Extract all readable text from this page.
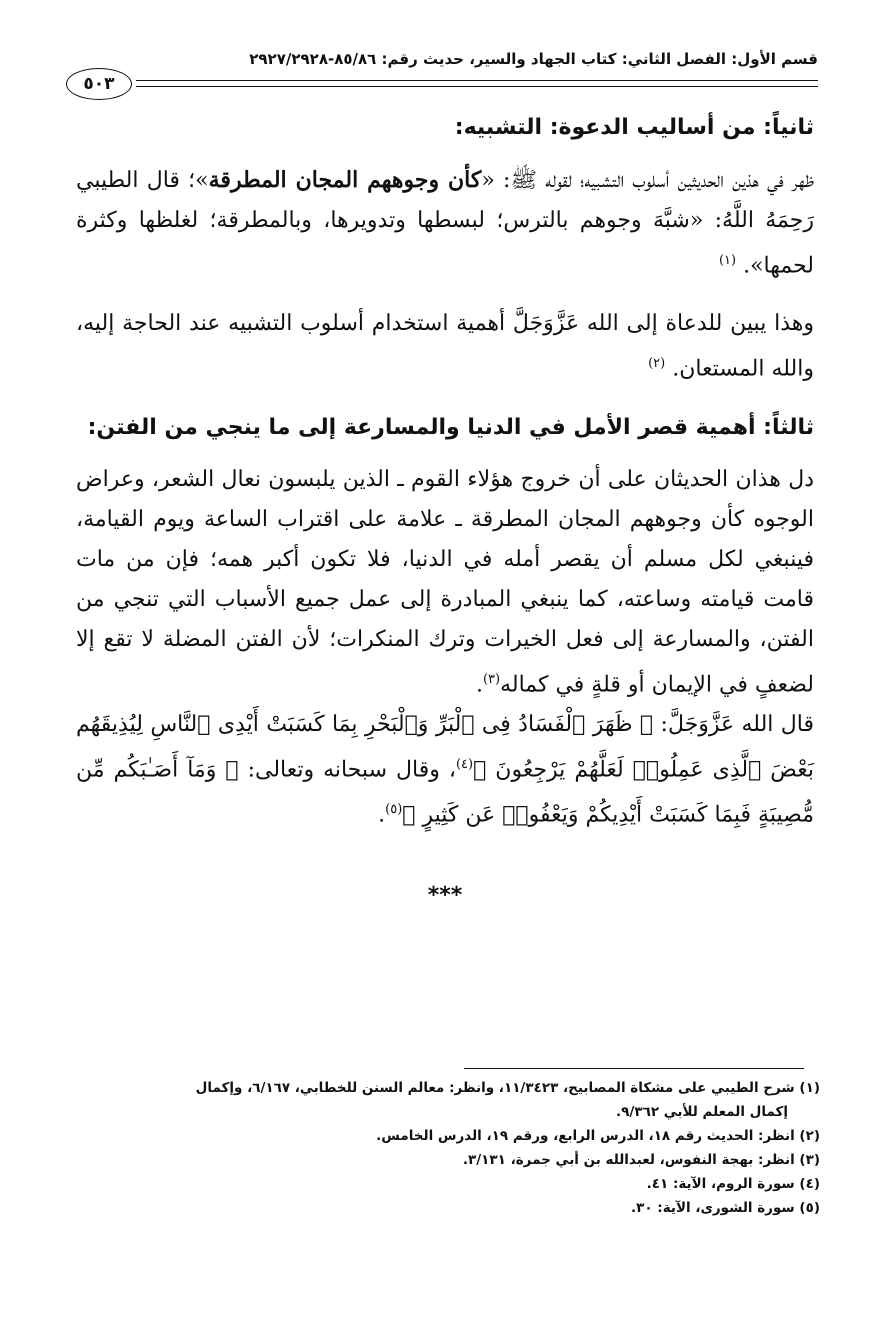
قسم الأول: الفصل الثاني: كتاب الجهاد والسير، حديث رقم: ٨٥/٨٦-٢٩٢٧/٢٩٢٨
٥٠٣

ثانياً: من أساليب الدعوة: التشبيه:

ظهر في هذين الحديثين أسلوب التشبيه؛ لقوله ﷺ: «كأن وجوههم المجان المطرقة»؛ قال الطيبي رَحِمَهُ اللَّهُ: «شبَّهَ وجوهم بالترس؛ لبسطها وتدويرها، وبالمطرقة؛ لغلظها وكثرة لحمها». $^{(١)}$

وهذا يبين للدعاة إلى الله عَزَّوَجَلَّ أهمية استخدام أسلوب التشبيه عند الحاجة إليه، والله المستعان. $^{(٢)}$

ثالثاً: أهمية قصر الأمل في الدنيا والمسارعة إلى ما ينجي من الفتن:

دل هذان الحديثان على أن خروج هؤلاء القوم ـ الذين يلبسون نعال الشعر، وعراض الوجوه كأن وجوههم المجان المطرقة ـ علامة على اقتراب الساعة ويوم القيامة، فينبغي لكل مسلم أن يقصر أمله في الدنيا، فلا تكون أكبر همه؛ فإن من مات قامت قيامته وساعته، كما ينبغي المبادرة إلى عمل جميع الأسباب التي تنجي من الفتن، والمسارعة إلى فعل الخيرات وترك المنكرات؛ لأن الفتن المضلة لا تقع إلا لضعفٍ في الإيمان أو قلةٍ في كماله$^{(٣)}$.

قال الله عَزَّوَجَلَّ: ﴿ ظَهَرَ ٱلْفَسَادُ فِى ٱلْبَرِّ وَٱلْبَحْرِ بِمَا كَسَبَتْ أَيْدِى ٱلنَّاسِ لِيُذِيقَهُم بَعْضَ ٱلَّذِى عَمِلُوا۟ لَعَلَّهُمْ يَرْجِعُونَ ﴾$^{(٤)}$، وقال سبحانه وتعالى: ﴿ وَمَآ أَصَـٰبَكُم مِّن مُّصِيبَةٍ فَبِمَا كَسَبَتْ أَيْدِيكُمْ وَيَعْفُوا۟ عَن كَثِيرٍ ﴾$^{(٥)}$.

***

(١) شرح الطيبي على مشكاة المصابيح، ١١/٣٤٢٣، وانظر: معالم السنن للخطابي، ٦/١٦٧، وإكمال

إكمال المعلم للأبي ٩/٣٦٢.

(٢) انظر: الحديث رقم ١٨، الدرس الرابع، ورقم ١٩، الدرس الخامس.

(٣) انظر: بهجة النفوس، لعبدالله بن أبي جمرة، ٣/١٣١.

(٤) سورة الروم، الآية: ٤١.

(٥) سورة الشورى، الآية: ٣٠.
